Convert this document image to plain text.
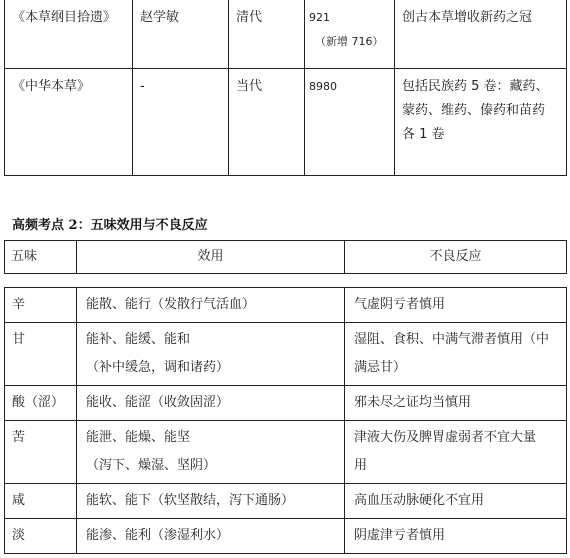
《本草纲目拾遗》	赵学敏	清代	921
（新增 716）	创古本草增收新药之冠

《中华本草》	-	当代	8980	包括民族药 5 卷：藏药、
蒙药、维药、傣药和苗药
各 1 卷
高频考点 2：五味效用与不良反应
五味	效用	不良反应
辛	能散、能行（发散行气活血）	气虚阴亏者慎用

甘	能补、能缓、能和
（补中缓急，调和诸药）	湿阻、食积、中满气滞者慎用（中
满忌甘）

酸（涩）	能收、能涩（收敛固涩）	邪未尽之证均当慎用

苦	能泄、能燥、能坚
（泻下、燥湿、坚阴）	津液大伤及脾胃虚弱者不宜大量
用

咸	能软、能下（软坚散结，泻下通肠）	高血压动脉硬化不宜用

淡	能渗、能利（渗湿利水）	阴虚津亏者慎用
